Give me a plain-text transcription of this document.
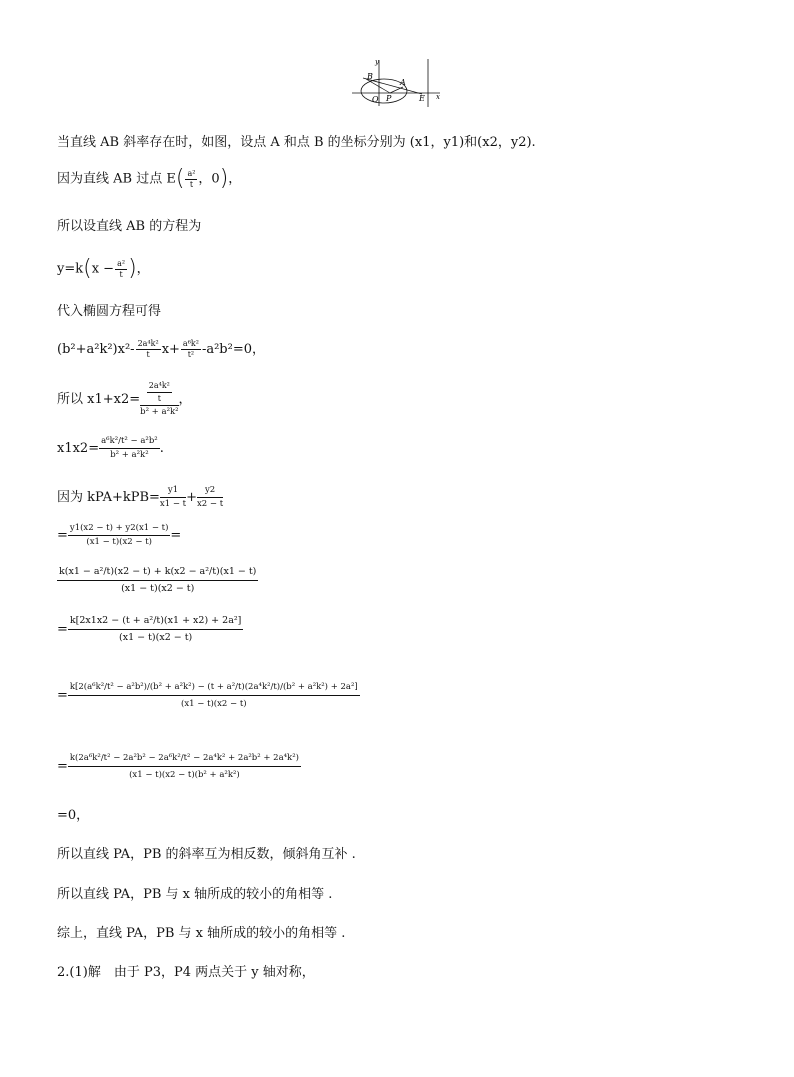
y
B
A
O P	E x
当直线 AB 斜率存在时，如图，设点 A 和点 B 的坐标分别为 (x1，y1)和(x2，y2).
因为直线 AB 过点 $E( \frac{\text{a²}}{t}$ ，0)，
所以设直线 AB 的方程为
$y=k(x - \frac{\text{a²}}{t}$ )，
代入椭圆方程可得
$(b^2+a^2k^2)x^2- \frac{\text{2a⁴k²}}{t} x+ \frac{\text{a⁶k²}}{\text{t²}} -a^2b^2=0$，
所以 $x1+x2= \frac{\frac{\text{2a⁴k²}}{t}}{\text{b² + a²k²}}$ ，
$x1x2= \frac{\text{a⁶k²/t² − a²b²}}{\text{b² + a²k²}}$ .
因为 $kPA+kPB= \frac{y1}{x1 - t} + \frac{y2}{x2 - t}$
= $\frac{y1(x2 - t) + y2(x1 - t)}{(x1 - t)(x2 - t)}$ =
$\frac{\text{k(x1 − a²/t)(x2 − t) + k(x2 − a²/t)(x1 − t)}}{(x1 - t)(x2 - t)}$
= $\frac{\text{k[2x1x2 − (t + a²/t)(x1 + x2) + 2a²]}}{(x1 - t)(x2 - t)}$
=
k[2(a⁶k²/t² − a²b²)/(b² + a²k²) − (t + a²/t)(2a⁴k²/t)/(b² + a²k²) + 2a²]
(x1 − t)(x2 − t)
= $\frac{\text{k(2a⁶k²/t² − 2a²b² − 2a⁶k²/t² − 2a⁴k² + 2a²b² + 2a⁴k²)}}{\text{(x1 − t)(x2 − t)(b² + a²k²)}}$
=0，
所以直线 PA，PB 的斜率互为相反数，倾斜角互补 .
所以直线 PA，PB 与 x 轴所成的较小的角相等 .
综上，直线 PA，PB 与 x 轴所成的较小的角相等 .
2.(1)解　由于 P3，P4 两点关于 y 轴对称，
